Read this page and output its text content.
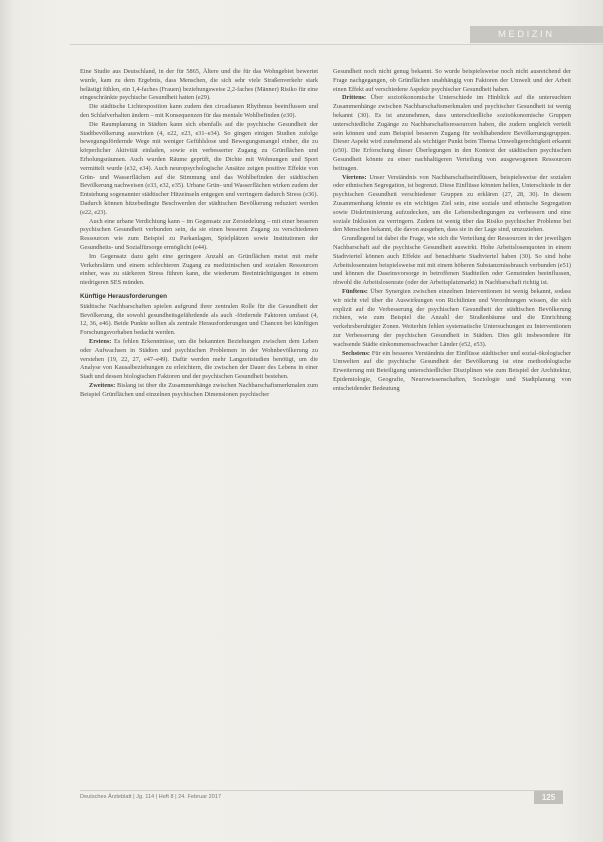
MEDIZIN

Eine Studie aus Deutschland, in der für 5865, Ältere und die für das Wohngebiet bewertet wurde, kam zu dem Ergebnis, dass Menschen, die sich sehr viele Straßenverkehr stark belästigt fühlen, ein 1,4-faches (Frauen) beziehungsweise 2,2-faches (Männer) Risiko für eine eingeschränkte psychische Gesundheit hatten (e29).

Die städtische Lichtexposition kann zudem den circadianen Rhythmus beeinflussen und den Schlafverhalten ändern – mit Konsequenzen für das mentale Wohlbefinden (e30).

Die Raumplanung in Städten kann sich ebenfalls auf die psychische Gesundheit der Stadtbevölkerung auswirken (4, e22, e23, e31–e34). So gingen einigen Studien zufolge bewegungsfördernde Wege mit weniger Gefühlslose und Bewegungsmangel einher, die zu körperlicher Aktivität einladen, sowie ein verbesserter Zugang zu Grünflächen und Erholungsräumen. Auch wurden Räume geprüft, die Dichte mit Wohnungen und Sport vermittelt wurde (e32, e34). Auch neuropsychologische Ansätze zeigen positive Effekte von Grün- und Wasserflächen auf die Stimmung und das Wohlbefinden der städtischen Bevölkerung nachweisen (e33, e32, e35). Urbane Grün- und Wasserflächen wirken zudem der Entstehung sogenannter städtischer Hitzeinseln entgegen und verringern dadurch Stress (e36). Dadurch können hitzebedingte Beschwerden der städtischen Bevölkerung reduziert werden (e22, e23).

Auch eine urbane Verdichtung kann – im Gegensatz zur Zersiedelung – mit einer besseren psychischen Gesundheit verbunden sein, da sie einen besseren Zugang zu verschiedenen Ressourcen wie zum Beispiel zu Parkanlagen, Spielplätzen sowie Institutionen der Gesundheits- und Sozialfürsorge ermöglicht (e44).

Im Gegensatz dazu geht eine geringere Anzahl an Grünflächen meist mit mehr Verkehrslärm und einem schlechteren Zugang zu medizinischen und sozialen Ressourcen einher, was zu stärkeren Stress führen kann, die wiederum Beeinträchtigungen in einem niedrigeren SES münden.

Künftige Herausforderungen

Städtische Nachbarschaften spielen aufgrund ihrer zentralen Rolle für die Gesundheit der Bevölkerung, die sowohl gesundheitsgefährdende als auch -fördernde Faktoren umfasst (4, 12, 36, e46). Beide Punkte sollten als zentrale Herausforderungen und Chancen bei künftigen Forschungsvorhaben bedacht werden.

Erstens: Es fehlen Erkenntnisse, um die bekannten Beziehungen zwischen dem Leben oder Aufwachsen in Städten und psychischen Problemen in der Wohnbevölkerung zu verstehen (19, 22, 27, e47–e49). Dafür werden mehr Langzeitstudien benötigt, um die Analyse von Kausalbeziehungen zu erleichtern, die zwischen der Dauer des Lebens in einer Stadt und dessen biologischen Faktoren und der psychischen Gesundheit bestehen.

Zweitens: Bislang ist über die Zusammenhänge zwischen Nachbarschaftsmerkmalen zum Beispiel Grünflächen und einzelnen psychischen Dimensionen psychischer

Gesundheit noch nicht genug bekannt. So wurde beispielsweise noch nicht ausreichend der Frage nachgegangen, ob Grünflächen unabhängig von Faktoren der Umwelt und der Arbeit einen Effekt auf verschiedene Aspekte psychischer Gesundheit haben.

Drittens: Über sozioökonomische Unterschiede im Hinblick auf die untersuchten Zusammenhänge zwischen Nachbarschaftsmerkmalen und psychischer Gesundheit ist wenig bekannt (30). Es ist anzunehmen, dass unterschiedliche sozioökonomische Gruppen unterschiedliche Zugänge zu Nachbarschaftsressourcen haben, die zudem ungleich verteilt sein können und zum Beispiel besseren Zugang für wohlhabendere Bevölkerungsgruppen. Dieser Aspekt wird zunehmend als wichtiger Punkt beim Thema Umweltgerechtigkeit erkannt (e50). Die Erforschung dieser Überlegungen in den Kontext der städtischen psychischen Gesundheit könnte zu einer nachhaltigeren Verteilung von ausgewogenen Ressourcen beitragen.

Viertens: Unser Verständnis von Nachbarschaftseinflüssen, beispielsweise der sozialen oder ethnischen Segregation, ist begrenzt. Diese Einflüsse könnten helfen, Unterschiede in der psychischen Gesundheit verschiedener Gruppen zu erklären (27, 28, 30). In diesem Zusammenhang könnte es ein wichtiges Ziel sein, eine soziale und ethnische Segregation sowie Diskriminierung aufzudecken, um die Lebensbedingungen zu verbessern und eine soziale Inklusion zu verringern. Zudem ist wenig über das Risiko psychischer Probleme bei den Menschen bekannt, die davon ausgehen, dass sie in der Lage sind, umzuziehen.

Grundlegend ist dabei die Frage, wie sich die Verteilung der Ressourcen in der jeweiligen Nachbarschaft auf die psychische Gesundheit auswirkt. Hohe Arbeitslosenquoten in einem Stadtviertel können auch Effekte auf benachbarte Stadtviertel haben (30). So sind hohe Arbeitslosenraten beispielsweise mit mit einem höheren Substanzmissbrauch verbunden (e51) und können die Daseinsvorsorge in betroffenen Stadtteilen oder Gemeinden beeinflussen, obwohl die Arbeitslosenrate (oder der Arbeitsplatzmarkt) in Nachbarschaft richtig ist.

Fünftens: Über Synergien zwischen einzelnen Interventionen ist wenig bekannt, sodass wir nicht viel über die Auswirkungen von Richtlinien und Verordnungen wissen, die sich explizit auf die Verbesserung der psychischen Gesundheit der städtischen Bevölkerung richten, wie zum Beispiel die Anzahl der Straßenbäume und die Einrichtung verkehrsberuhigter Zonen. Weiterhin fehlen systematische Untersuchungen zu Interventionen zur Verbesserung der psychischen Gesundheit in Städten. Dies gilt insbesondere für wachsende Städte einkommensschwacher Länder (e52, e53).

Sechstens: Für ein besseres Verständnis der Einflüsse städtischer und sozial-ökologischer Umwelten auf die psychische Gesundheit der Bevölkerung ist eine methodologische Erweiterung mit Beteiligung unterschiedlicher Disziplinen wie zum Beispiel der Architektur, Epidemiologie, Geografie, Neurowissenschaften, Soziologie und Stadtplanung von entscheidender Bedeutung

Deutsches Ärzteblatt | Jg. 114 | Heft 8 | 24. Februar 2017	125
